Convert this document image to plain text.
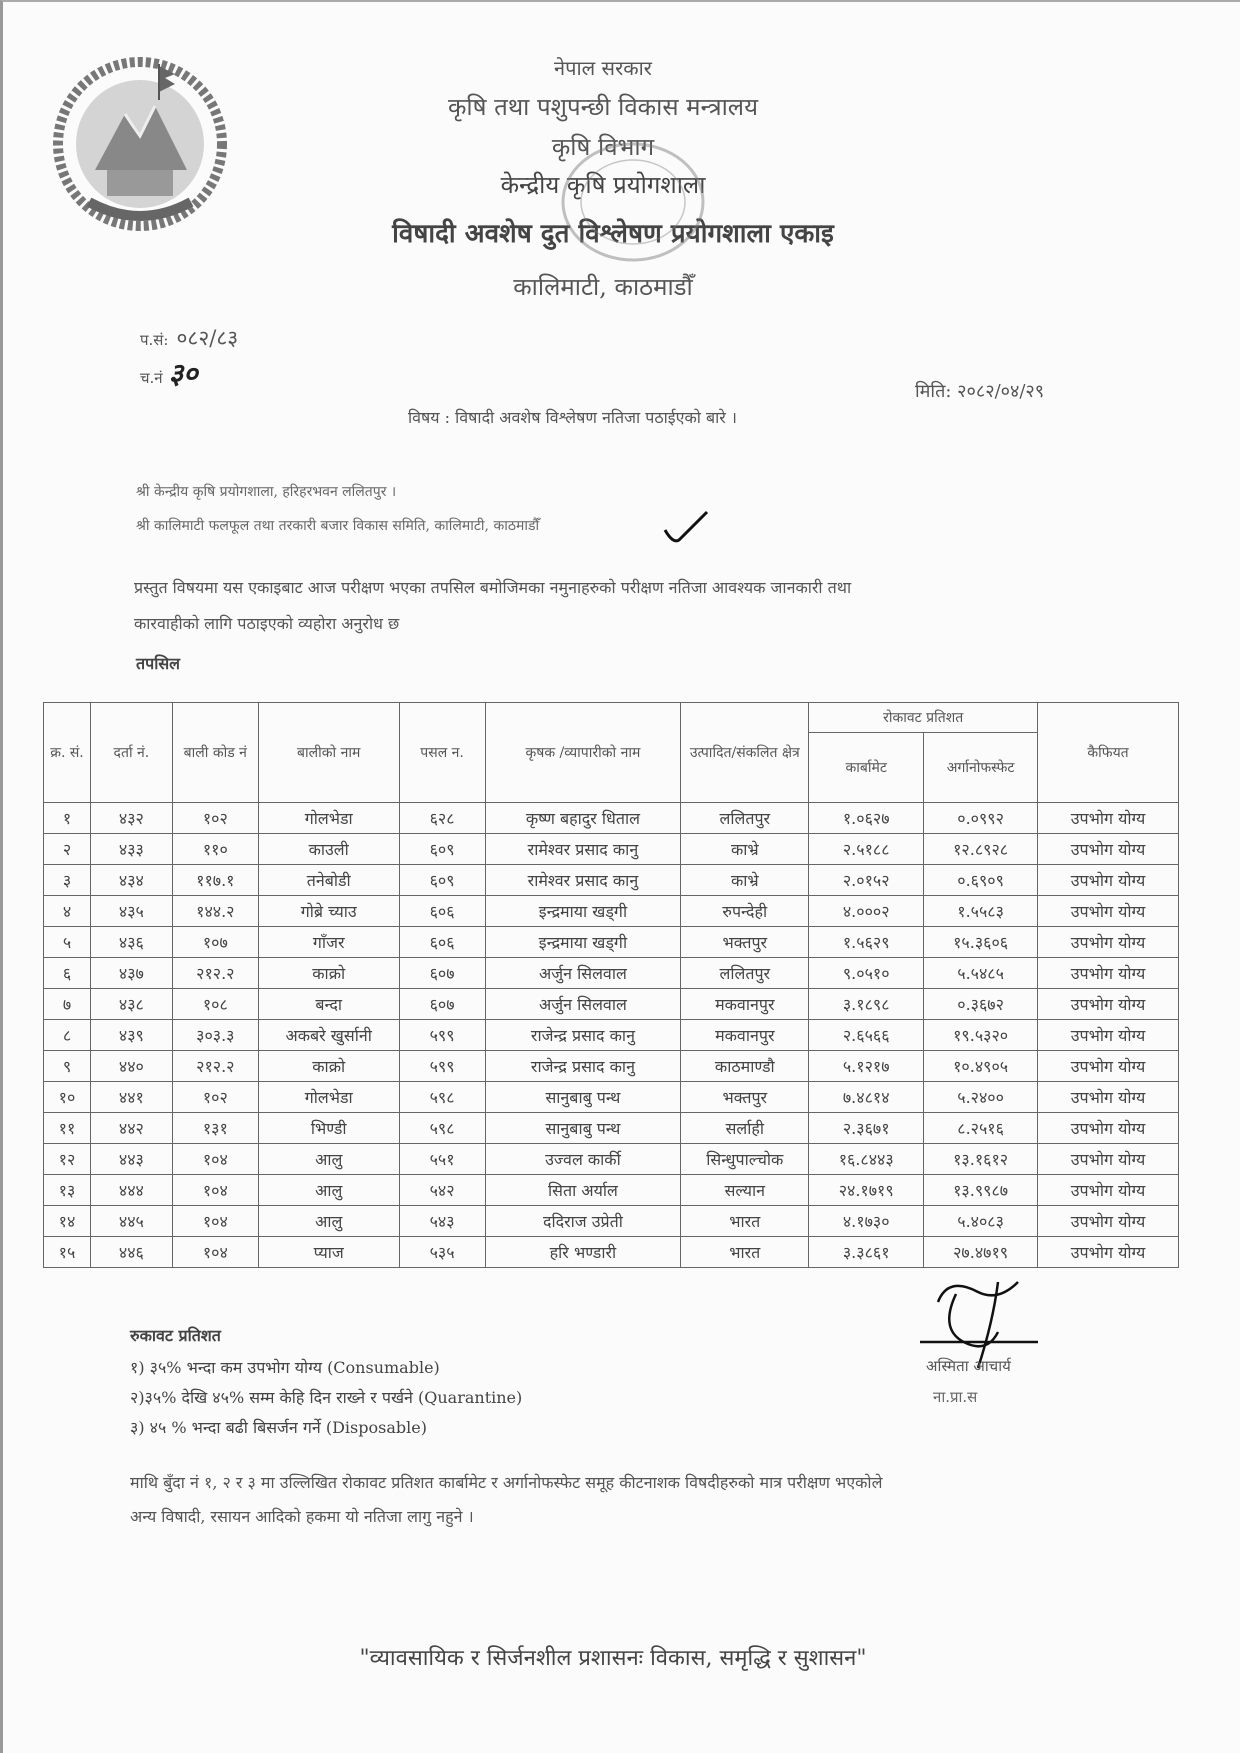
नेपाल सरकार
कृषि तथा पशुपन्छी विकास मन्त्रालय
कृषि विभाग
केन्द्रीय कृषि प्रयोगशाला
विषादी अवशेष दुत विश्लेषण प्रयोगशाला एकाइ
कालिमाटी, काठमाडौँ
प.सं: ०८२/८३
च.नं ३०
मिति: २०८२/०४/२९
विषय : विषादी अवशेष विश्लेषण नतिजा पठाईएको बारे ।
श्री केन्द्रीय कृषि प्रयोगशाला, हरिहरभवन ललितपुर ।
श्री कालिमाटी फलफूल तथा तरकारी बजार विकास समिति, कालिमाटी, काठमाडौँ
प्रस्तुत विषयमा यस एकाइबाट आज परीक्षण भएका तपसिल बमोजिमका नमुनाहरुको परीक्षण नतिजा आवश्यक जानकारी तथा
कारवाहीको लागि पठाइएको व्यहोरा अनुरोध छ
तपसिल
क्र. सं.	दर्ता नं.	बाली कोड नं	बालीको नाम	पसल न.	कृषक /व्यापारीको नाम	उत्पादित/संकलित क्षेत्र	रोकावट प्रतिशत		कैफियत
							कार्बामेट	अर्गानोफस्फेट	
१	४३२	१०२	गोलभेडा	६२८	कृष्ण बहादुर धिताल	ललितपुर	१.०६२७	०.०९९२	उपभोग योग्य
२	४३३	११०	काउली	६०९	रामेश्वर प्रसाद कानु	काभ्रे	२.५१८८	१२.८९२८	उपभोग योग्य
३	४३४	११७.१	तनेबोडी	६०९	रामेश्वर प्रसाद कानु	काभ्रे	२.०१५२	०.६९०९	उपभोग योग्य
४	४३५	१४४.२	गोब्रे च्याउ	६०६	इन्द्रमाया खड्गी	रुपन्देही	४.०००२	१.५५८३	उपभोग योग्य
५	४३६	१०७	गाँजर	६०६	इन्द्रमाया खड्गी	भक्तपुर	१.५६२९	१५.३६०६	उपभोग योग्य
६	४३७	२१२.२	काक्रो	६०७	अर्जुन सिलवाल	ललितपुर	९.०५१०	५.५४८५	उपभोग योग्य
७	४३८	१०८	बन्दा	६०७	अर्जुन सिलवाल	मकवानपुर	३.१८९८	०.३६७२	उपभोग योग्य
८	४३९	३०३.३	अकबरे खुर्सानी	५९९	राजेन्द्र प्रसाद कानु	मकवानपुर	२.६५६६	१९.५३२०	उपभोग योग्य
९	४४०	२१२.२	काक्रो	५९९	राजेन्द्र प्रसाद कानु	काठमाण्डौ	५.१२१७	१०.४९०५	उपभोग योग्य
१०	४४१	१०२	गोलभेडा	५९८	सानुबाबु पन्थ	भक्तपुर	७.४८१४	५.२४००	उपभोग योग्य
११	४४२	१३१	भिण्डी	५९८	सानुबाबु पन्थ	सर्लाही	२.३६७१	८.२५१६	उपभोग योग्य
१२	४४३	१०४	आलु	५५१	उज्वल कार्की	सिन्धुपाल्चोक	१६.८४४३	१३.१६१२	उपभोग योग्य
१३	४४४	१०४	आलु	५४२	सिता अर्याल	सल्यान	२४.१७१९	१३.९९८७	उपभोग योग्य
१४	४४५	१०४	आलु	५४३	ददिराज उप्रेती	भारत	४.१७३०	५.४०८३	उपभोग योग्य
१५	४४६	१०४	प्याज	५३५	हरि भण्डारी	भारत	३.३८६१	२७.४७१९	उपभोग योग्य
रुकावट प्रतिशत
१) ३५% भन्दा कम उपभोग योग्य (Consumable)
२)३५% देखि ४५% सम्म केहि दिन राख्ने र पर्खने (Quarantine)
३) ४५ % भन्दा बढी बिसर्जन गर्ने (Disposable)
अस्मिता आचार्य
ना.प्रा.स
माथि बुँदा नं १, २ र ३ मा उल्लिखित रोकावट प्रतिशत कार्बामेट र अर्गानोफस्फेट समूह कीटनाशक विषदीहरुको मात्र परीक्षण भएकोले
अन्य विषादी, रसायन आदिको हकमा यो नतिजा लागु नहुने ।
"व्यावसायिक र सिर्जनशील प्रशासनः विकास, समृद्धि र सुशासन"
